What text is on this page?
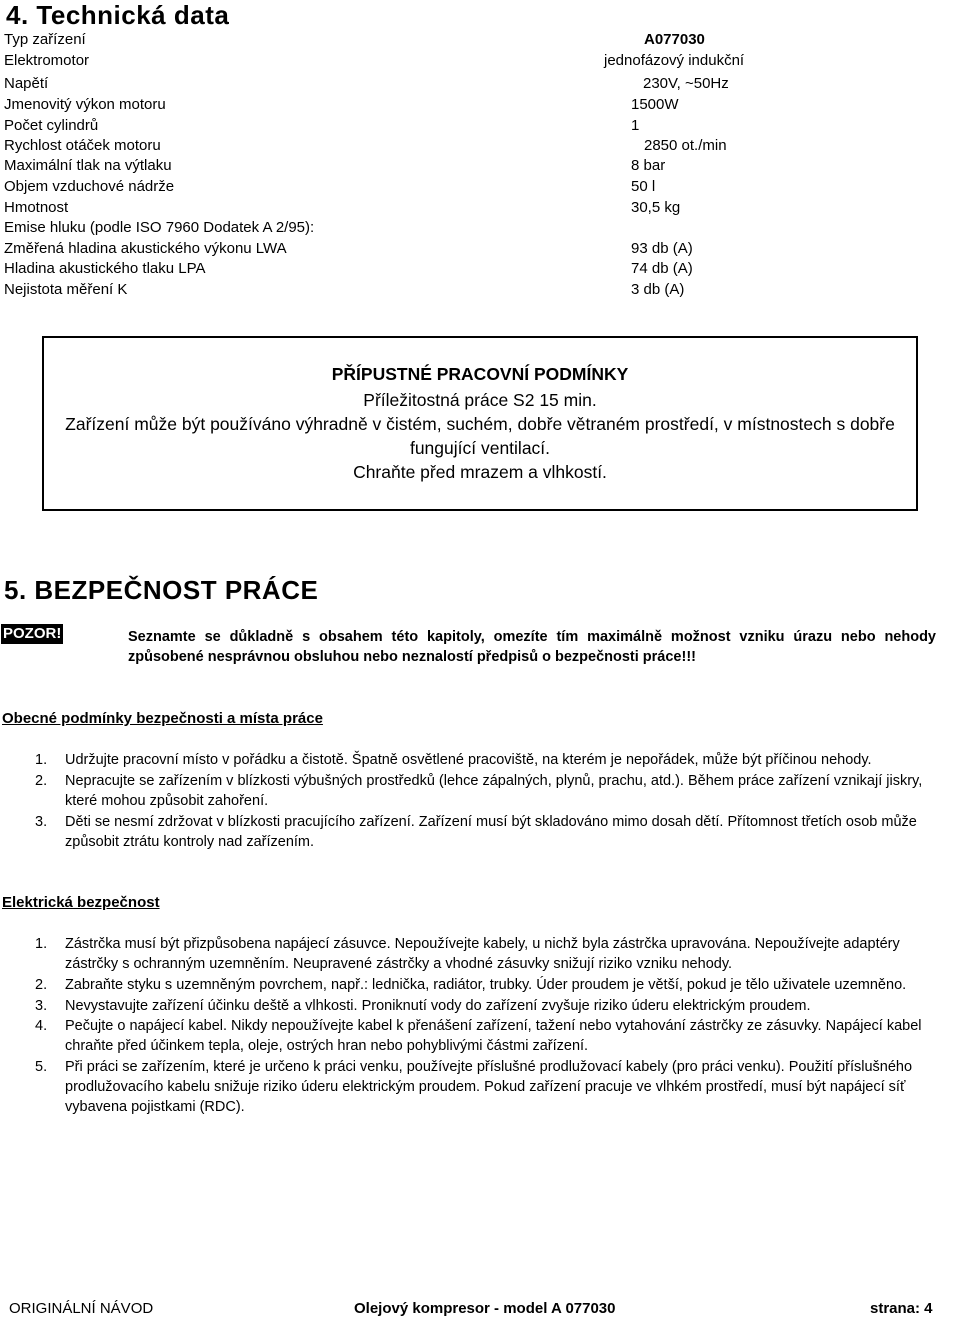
4. Technická data
Typ zařízení	A077030
Elektromotor	jednofázový indukční
Napětí	230V, ~50Hz
Jmenovitý výkon motoru	1500W
Počet cylindrů	1
Rychlost otáček motoru	2850 ot./min
Maximální tlak na výtlaku	8 bar
Objem vzduchové nádrže	50 l
Hmotnost	30,5 kg
Emise hluku (podle ISO 7960 Dodatek A 2/95):
Změřená hladina akustického výkonu LWA	93 db (A)
Hladina akustického tlaku LPA	74 db (A)
Nejistota měření K	3 db (A)
PŘÍPUSTNÉ PRACOVNÍ PODMÍNKY
Příležitostná práce S2 15 min.
Zařízení může být používáno výhradně v čistém, suchém, dobře větraném prostředí, v místnostech s dobře
fungující ventilací.
Chraňte před mrazem a vlhkostí.
5. BEZPEČNOST PRÁCE
POZOR!	Seznamte se důkladně s obsahem této kapitoly, omezíte tím maximálně možnost vzniku úrazu nebo nehody způsobené nesprávnou obsluhou nebo neznalostí předpisů o bezpečnosti práce!!!
Obecné podmínky bezpečnosti a místa práce
1. Udržujte pracovní místo v pořádku a čistotě. Špatně osvětlené pracoviště, na kterém je nepořádek, může být příčinou nehody.
2. Nepracujte se zařízením v blízkosti výbušných prostředků (lehce zápalných, plynů, prachu, atd.). Během práce zařízení vznikají jiskry, které mohou způsobit zahoření.
3. Děti se nesmí zdržovat v blízkosti pracujícího zařízení. Zařízení musí být skladováno mimo dosah dětí. Přítomnost třetích osob může způsobit ztrátu kontroly nad zařízením.
Elektrická bezpečnost
1. Zástrčka musí být přizpůsobena napájecí zásuvce. Nepoužívejte kabely, u nichž byla zástrčka upravována. Nepoužívejte adaptéry zástrčky s ochranným uzemněním. Neupravené zástrčky a vhodné zásuvky snižují riziko vzniku nehody.
2. Zabraňte styku s uzemněným povrchem, např.: lednička, radiátor, trubky. Úder proudem je větší, pokud je tělo uživatele uzemněno.
3. Nevystavujte zařízení účinku deště a vlhkosti. Proniknutí vody do zařízení zvyšuje riziko úderu elektrickým proudem.
4. Pečujte o napájecí kabel. Nikdy nepoužívejte kabel k přenášení zařízení, tažení nebo vytahování zástrčky ze zásuvky. Napájecí kabel chraňte před účinkem tepla, oleje, ostrých hran nebo pohyblivými částmi zařízení.
5. Při práci se zařízením, které je určeno k práci venku, používejte příslušné prodlužovací kabely (pro práci venku). Použití příslušného prodlužovacího kabelu snižuje riziko úderu elektrickým proudem. Pokud zařízení pracuje ve vlhkém prostředí, musí být napájecí síť vybavena pojistkami (RDC).
ORIGINÁLNÍ NÁVOD	Olejový kompresor - model A 077030	strana: 4
